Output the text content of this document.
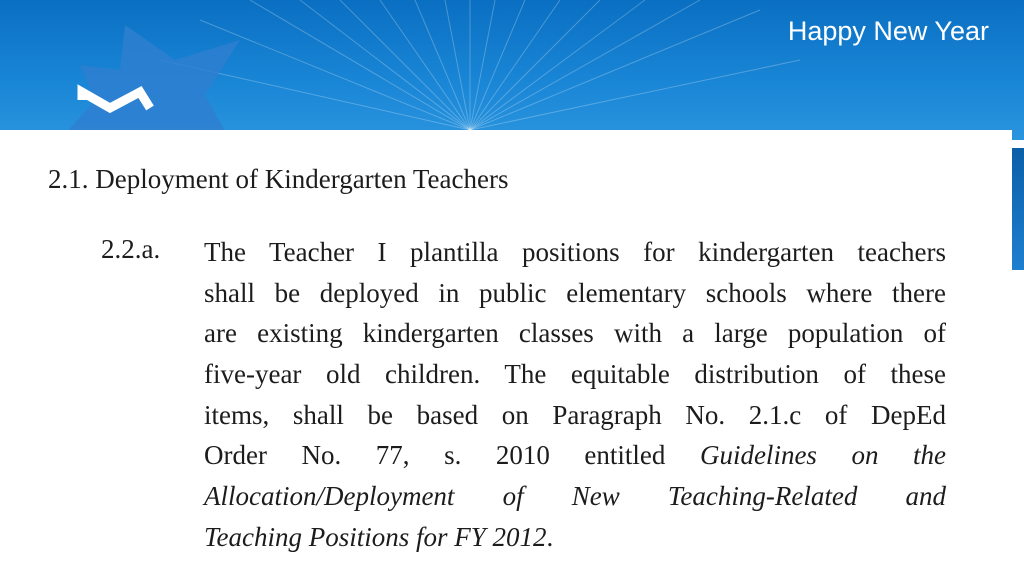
Happy New Year
2.1. Deployment of Kindergarten Teachers
2.2.a. The Teacher I plantilla positions for kindergarten teachers
shall be deployed in public elementary schools where there
are existing kindergarten classes with a large population of
five-year old children. The equitable distribution of these
items, shall be based on Paragraph No. 2.1.c of DepEd
Order No. 77, s. 2010 entitled Guidelines on the
Allocation/Deployment of New Teaching-Related and
Teaching Positions for FY 2012.
